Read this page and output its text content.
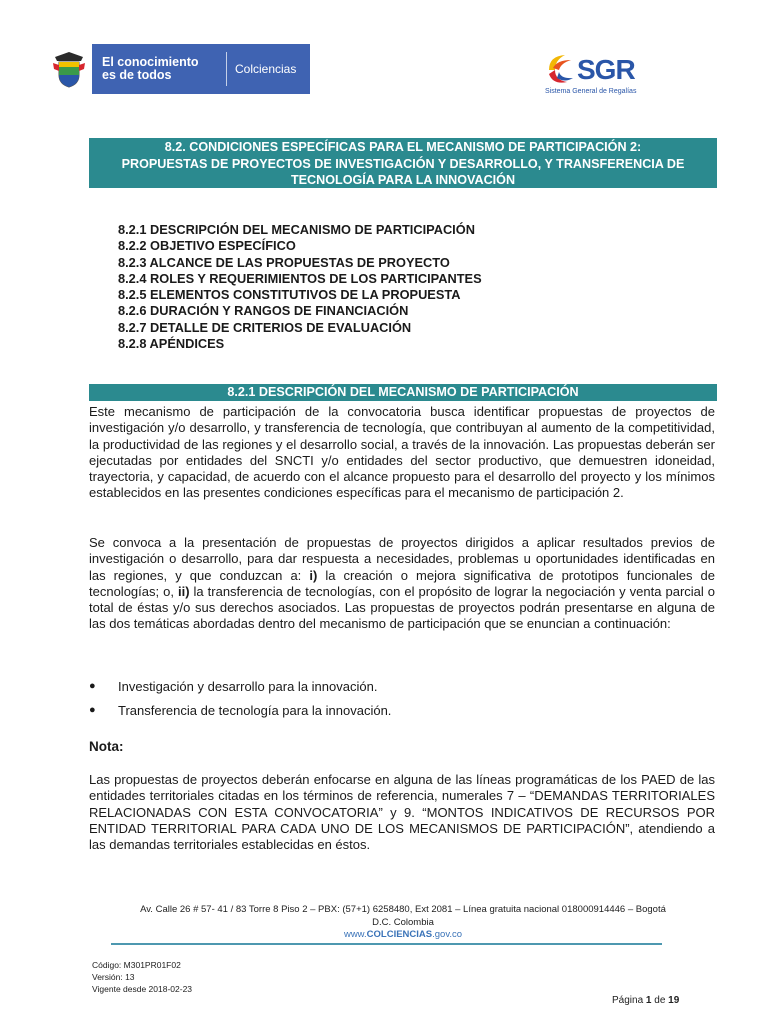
El conocimiento
es de todos	Colciencias	SGR
Sistema General de Regalías
8.2. CONDICIONES ESPECÍFICAS PARA EL MECANISMO DE PARTICIPACIÓN 2:
PROPUESTAS DE PROYECTOS DE INVESTIGACIÓN Y DESARROLLO, Y TRANSFERENCIA DE
TECNOLOGÍA PARA LA INNOVACIÓN
8.2.1 DESCRIPCIÓN DEL MECANISMO DE PARTICIPACIÓN
8.2.2 OBJETIVO ESPECÍFICO
8.2.3 ALCANCE DE LAS PROPUESTAS DE PROYECTO
8.2.4 ROLES Y REQUERIMIENTOS DE LOS PARTICIPANTES
8.2.5 ELEMENTOS CONSTITUTIVOS DE LA PROPUESTA
8.2.6 DURACIÓN Y RANGOS DE FINANCIACIÓN
8.2.7 DETALLE DE CRITERIOS DE EVALUACIÓN
8.2.8 APÉNDICES
8.2.1 DESCRIPCIÓN DEL MECANISMO DE PARTICIPACIÓN
Este mecanismo de participación de la convocatoria busca identificar propuestas de proyectos de investigación y/o desarrollo, y transferencia de tecnología, que contribuyan al aumento de la competitividad, la productividad de las regiones y el desarrollo social, a través de la innovación. Las propuestas deberán ser ejecutadas por entidades del SNCTI y/o entidades del sector productivo, que demuestren idoneidad, trayectoria, y capacidad, de acuerdo con el alcance propuesto para el desarrollo del proyecto y los mínimos establecidos en las presentes condiciones específicas para el mecanismo de participación 2.
Se convoca a la presentación de propuestas de proyectos dirigidos a aplicar resultados previos de investigación o desarrollo, para dar respuesta a necesidades, problemas u oportunidades identificadas en las regiones, y que conduzcan a: i) la creación o mejora significativa de prototipos funcionales de tecnologías; o, ii) la transferencia de tecnologías, con el propósito de lograr la negociación y venta parcial o total de éstas y/o sus derechos asociados. Las propuestas de proyectos podrán presentarse en alguna de las dos temáticas abordadas dentro del mecanismo de participación que se enuncian a continuación:
●	Investigación y desarrollo para la innovación.
●	Transferencia de tecnología para la innovación.
Nota:
Las propuestas de proyectos deberán enfocarse en alguna de las líneas programáticas de los PAED de las entidades territoriales citadas en los términos de referencia, numerales 7 – “DEMANDAS TERRITORIALES RELACIONADAS CON ESTA CONVOCATORIA” y 9. “MONTOS INDICATIVOS DE RECURSOS POR ENTIDAD TERRITORIAL PARA CADA UNO DE LOS MECANISMOS DE PARTICIPACIÓN”, atendiendo a las demandas territoriales establecidas en éstos.
Av. Calle 26 # 57- 41 / 83 Torre 8 Piso 2 – PBX: (57+1) 6258480, Ext 2081 – Línea gratuita nacional 018000914446 – Bogotá
D.C. Colombia
www.COLCIENCIAS.gov.co
Código: M301PR01F02
Versión: 13
Vigente desde 2018-02-23
Página 1 de 19
